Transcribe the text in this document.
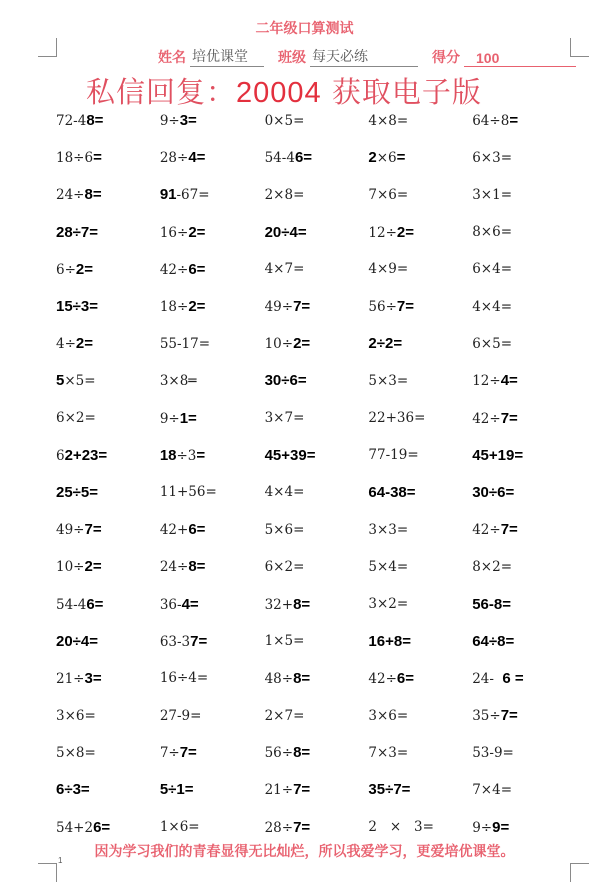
1
二年级口算测试
姓名 培优课堂	班级 每天必练	得分	100
私信回复：20004 获取电子版
72-48=	9÷3=	0×5=	4×8=	64÷8=
18÷6=	28÷4=	54-46=	2×6=	6×3=
24÷8=	91-67=	2×8=	7×6=	3×1=
28÷7=	16÷2=	20÷4=	12÷2=	8×6=
6÷2=	42÷6=	4×7=	4×9=	6×4=
15÷3=	18÷2=	49÷7=	56÷7=	4×4=
4÷2=	55-17=	10÷2=	2÷2=	6×5=
5×5=	3×8═	30÷6=	5×3=	12÷4=
6×2=	9÷1=	3×7=	22+36=	42÷7=
62+23=	18÷3=	45+39=	77-19=	45+19=
25÷5=	11+56=	4×4=	64-38=	30÷6=
49÷7=	42+6=	5×6=	3×3=	42÷7=
10÷2=	24÷8=	6×2=	5×4=	8×2=
54-46=	36-4=	32+8=	3×2=	56-8=
20÷4=	63-37=	1×5=	16+8=	64÷8=
21÷3=	16÷4=	48÷8=	42÷6=	24-  6 =
3×6=	27-9=	2×7=	3×6=	35÷7=
5×8=	7÷7=	56÷8=	7×3=	53-9=
6÷3=	5÷1=	21÷7=	35÷7=	7×4=
54+26=	1×6=	28÷7=	2   ×   3=	9÷9=
因为学习我们的青春显得无比灿烂，所以我爱学习，更爱培优课堂。
